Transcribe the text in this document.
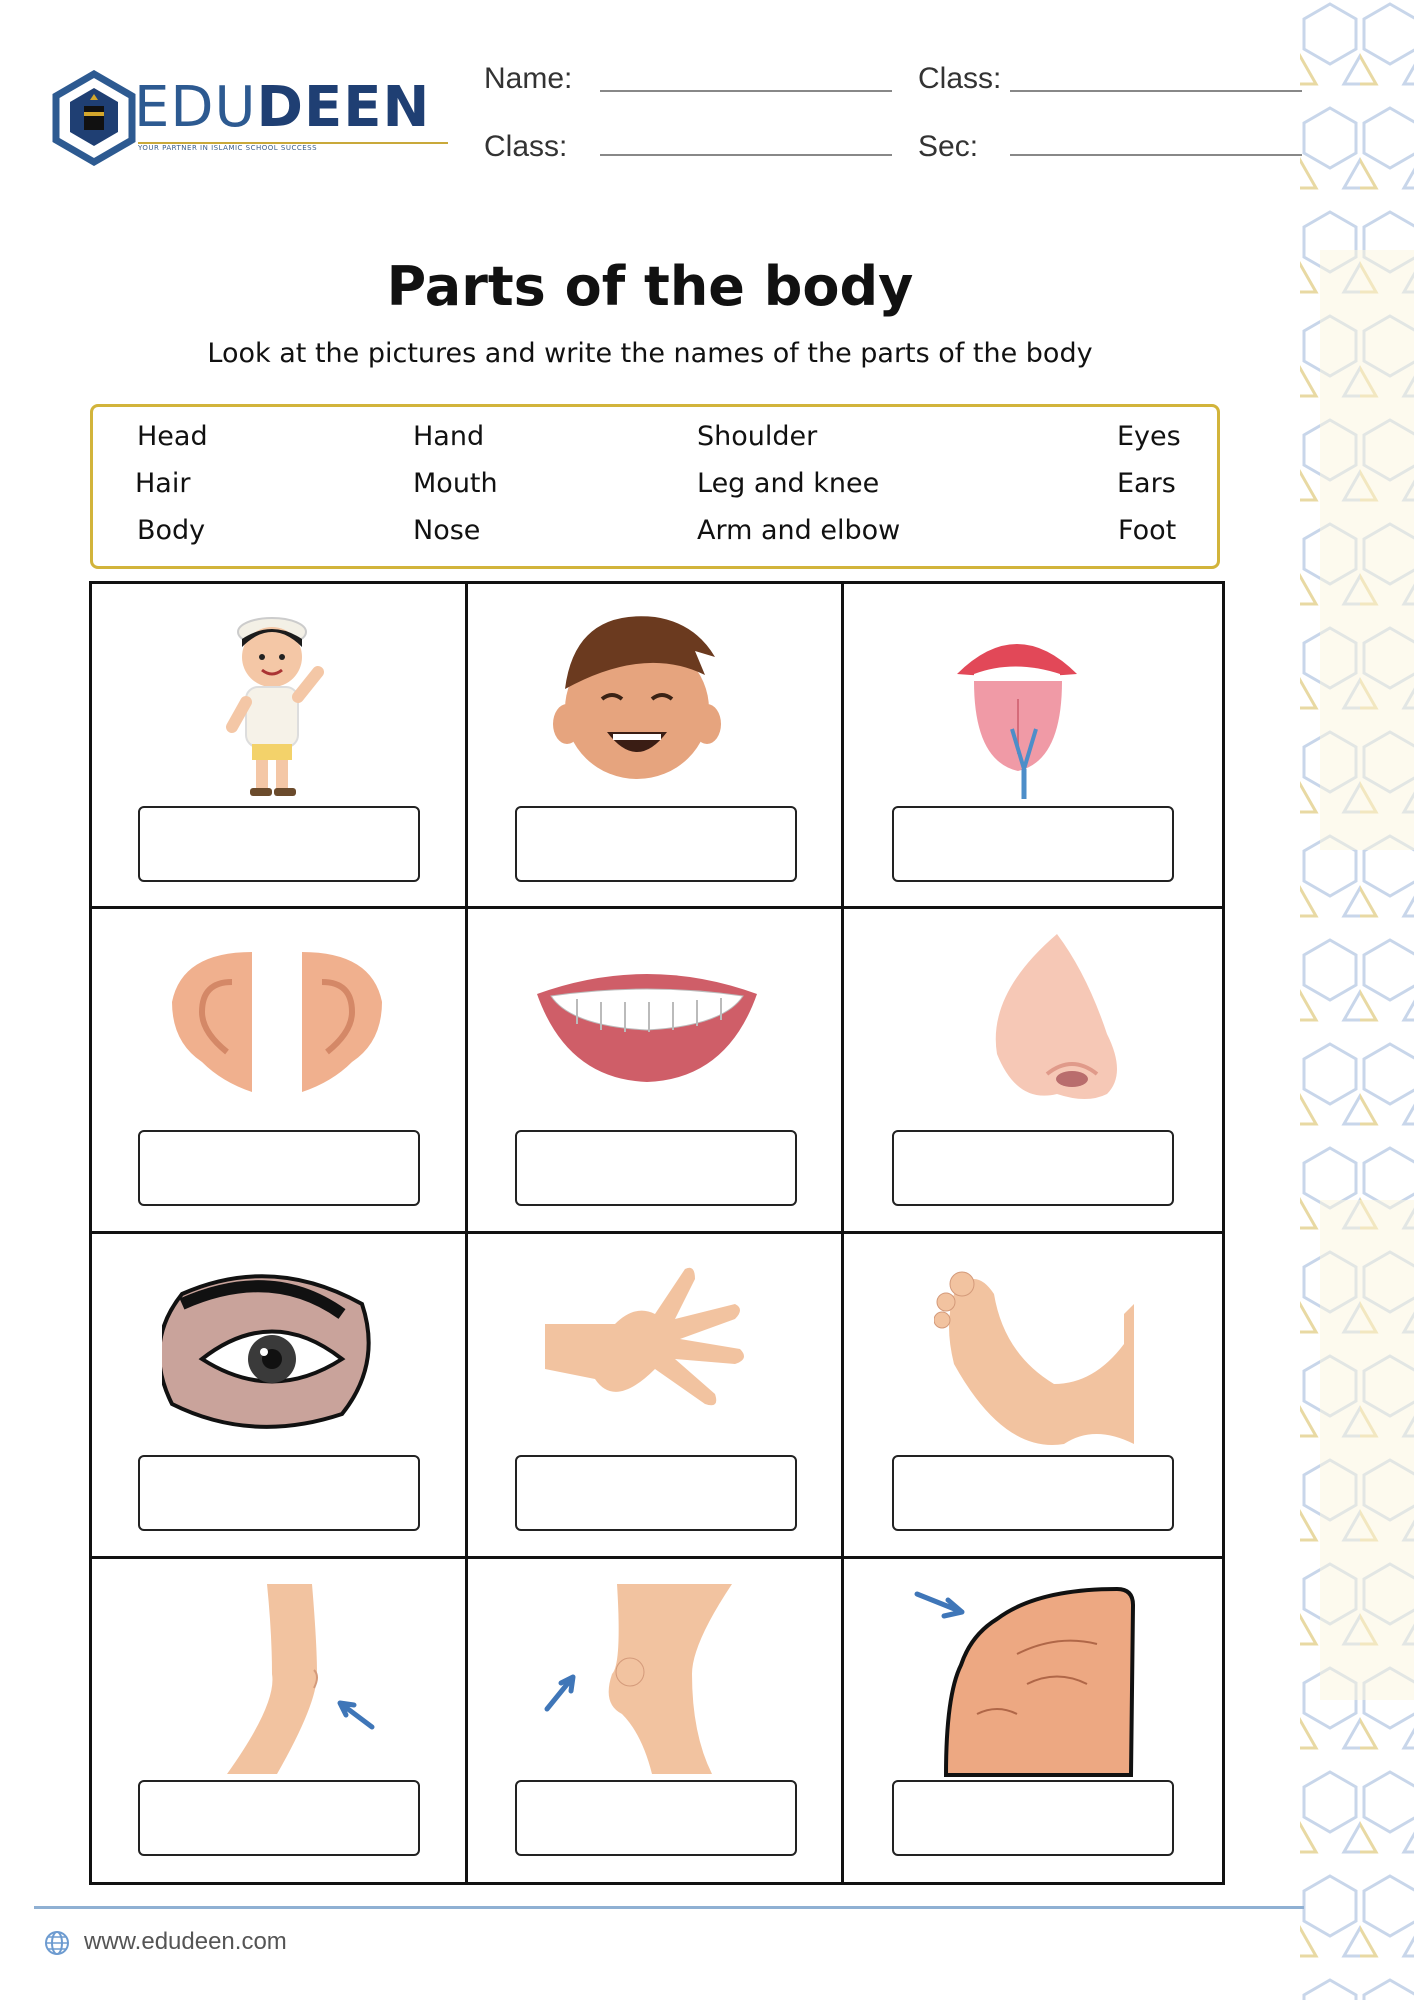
EDUDEEN
YOUR PARTNER IN ISLAMIC SCHOOL SUCCESS
Name:	Class:
Class:	Sec:
Parts of the body
Look at the pictures and write the names of the parts of the body
Head
Hair
Body
Hand
Mouth
Nose
Shoulder
Leg and knee
Arm and elbow
Eyes
Ears
Foot
www.edudeen.com
